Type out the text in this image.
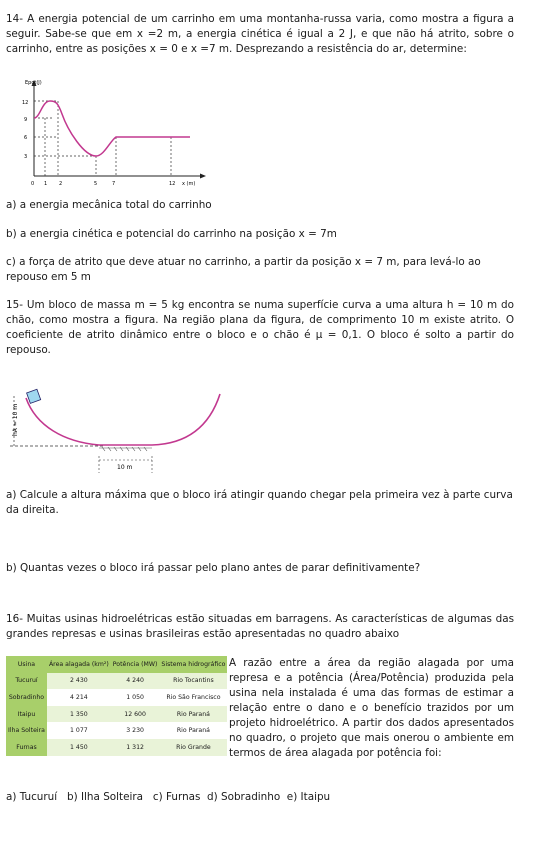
14- A energia potencial de um carrinho em uma montanha-russa varia, como mostra a figura a seguir. Sabe-se que em x =2 m, a energia cinética é igual a 2 J, e que não há atrito, sobre o carrinho, entre as posições x = 0 e x =7 m. Desprezando a resistência do ar, determine:
Epot(J)
x (m)
12
9
6
3
0 1 2	5	7	12
a) a energia mecânica total do carrinho
b) a energia cinética e potencial do carrinho na posição x = 7m
c) a força de atrito que deve atuar no carrinho, a partir da posição x = 7 m, para levá-lo ao repouso em 5 m
15- Um bloco de massa m = 5 kg encontra se numa superfície curva a uma altura h = 10 m do chão, como mostra a figura. Na região plana da figura, de comprimento 10 m existe atrito. O coeficiente de atrito dinâmico entre o bloco e o chão é μ = 0,1. O bloco é solto a partir do repouso.
hA = 10 m
10 m
a) Calcule a altura máxima que o bloco irá atingir quando chegar pela primeira vez à parte curva da direita.
b) Quantas vezes o bloco irá passar pelo plano antes de parar definitivamente?
16- Muitas usinas hidroelétricas estão situadas em barragens. As características de algumas das grandes represas e usinas brasileiras estão apresentadas no quadro abaixo
Usina	Área alagada (km²)	Potência (MW)	Sistema hidrográfico
Tucuruí	2 430	4 240	Rio Tocantins
Sobradinho	4 214	1 050	Rio São Francisco
Itaipu	1 350	12 600	Rio Paraná
Ilha Solteira	1 077	3 230	Rio Paraná
Furnas	1 450	1 312	Rio Grande
A razão entre a área da região alagada por uma represa e a potência (Área/Potência) produzida pela usina nela instalada é uma das formas de estimar a relação entre o dano e o benefício trazidos por um projeto hidroelétrico. A partir dos dados apresentados no quadro, o projeto que mais onerou o ambiente em termos de área alagada por potência foi:
a) Tucuruí   b) Ilha Solteira   c) Furnas  d) Sobradinho  e) Itaipu
